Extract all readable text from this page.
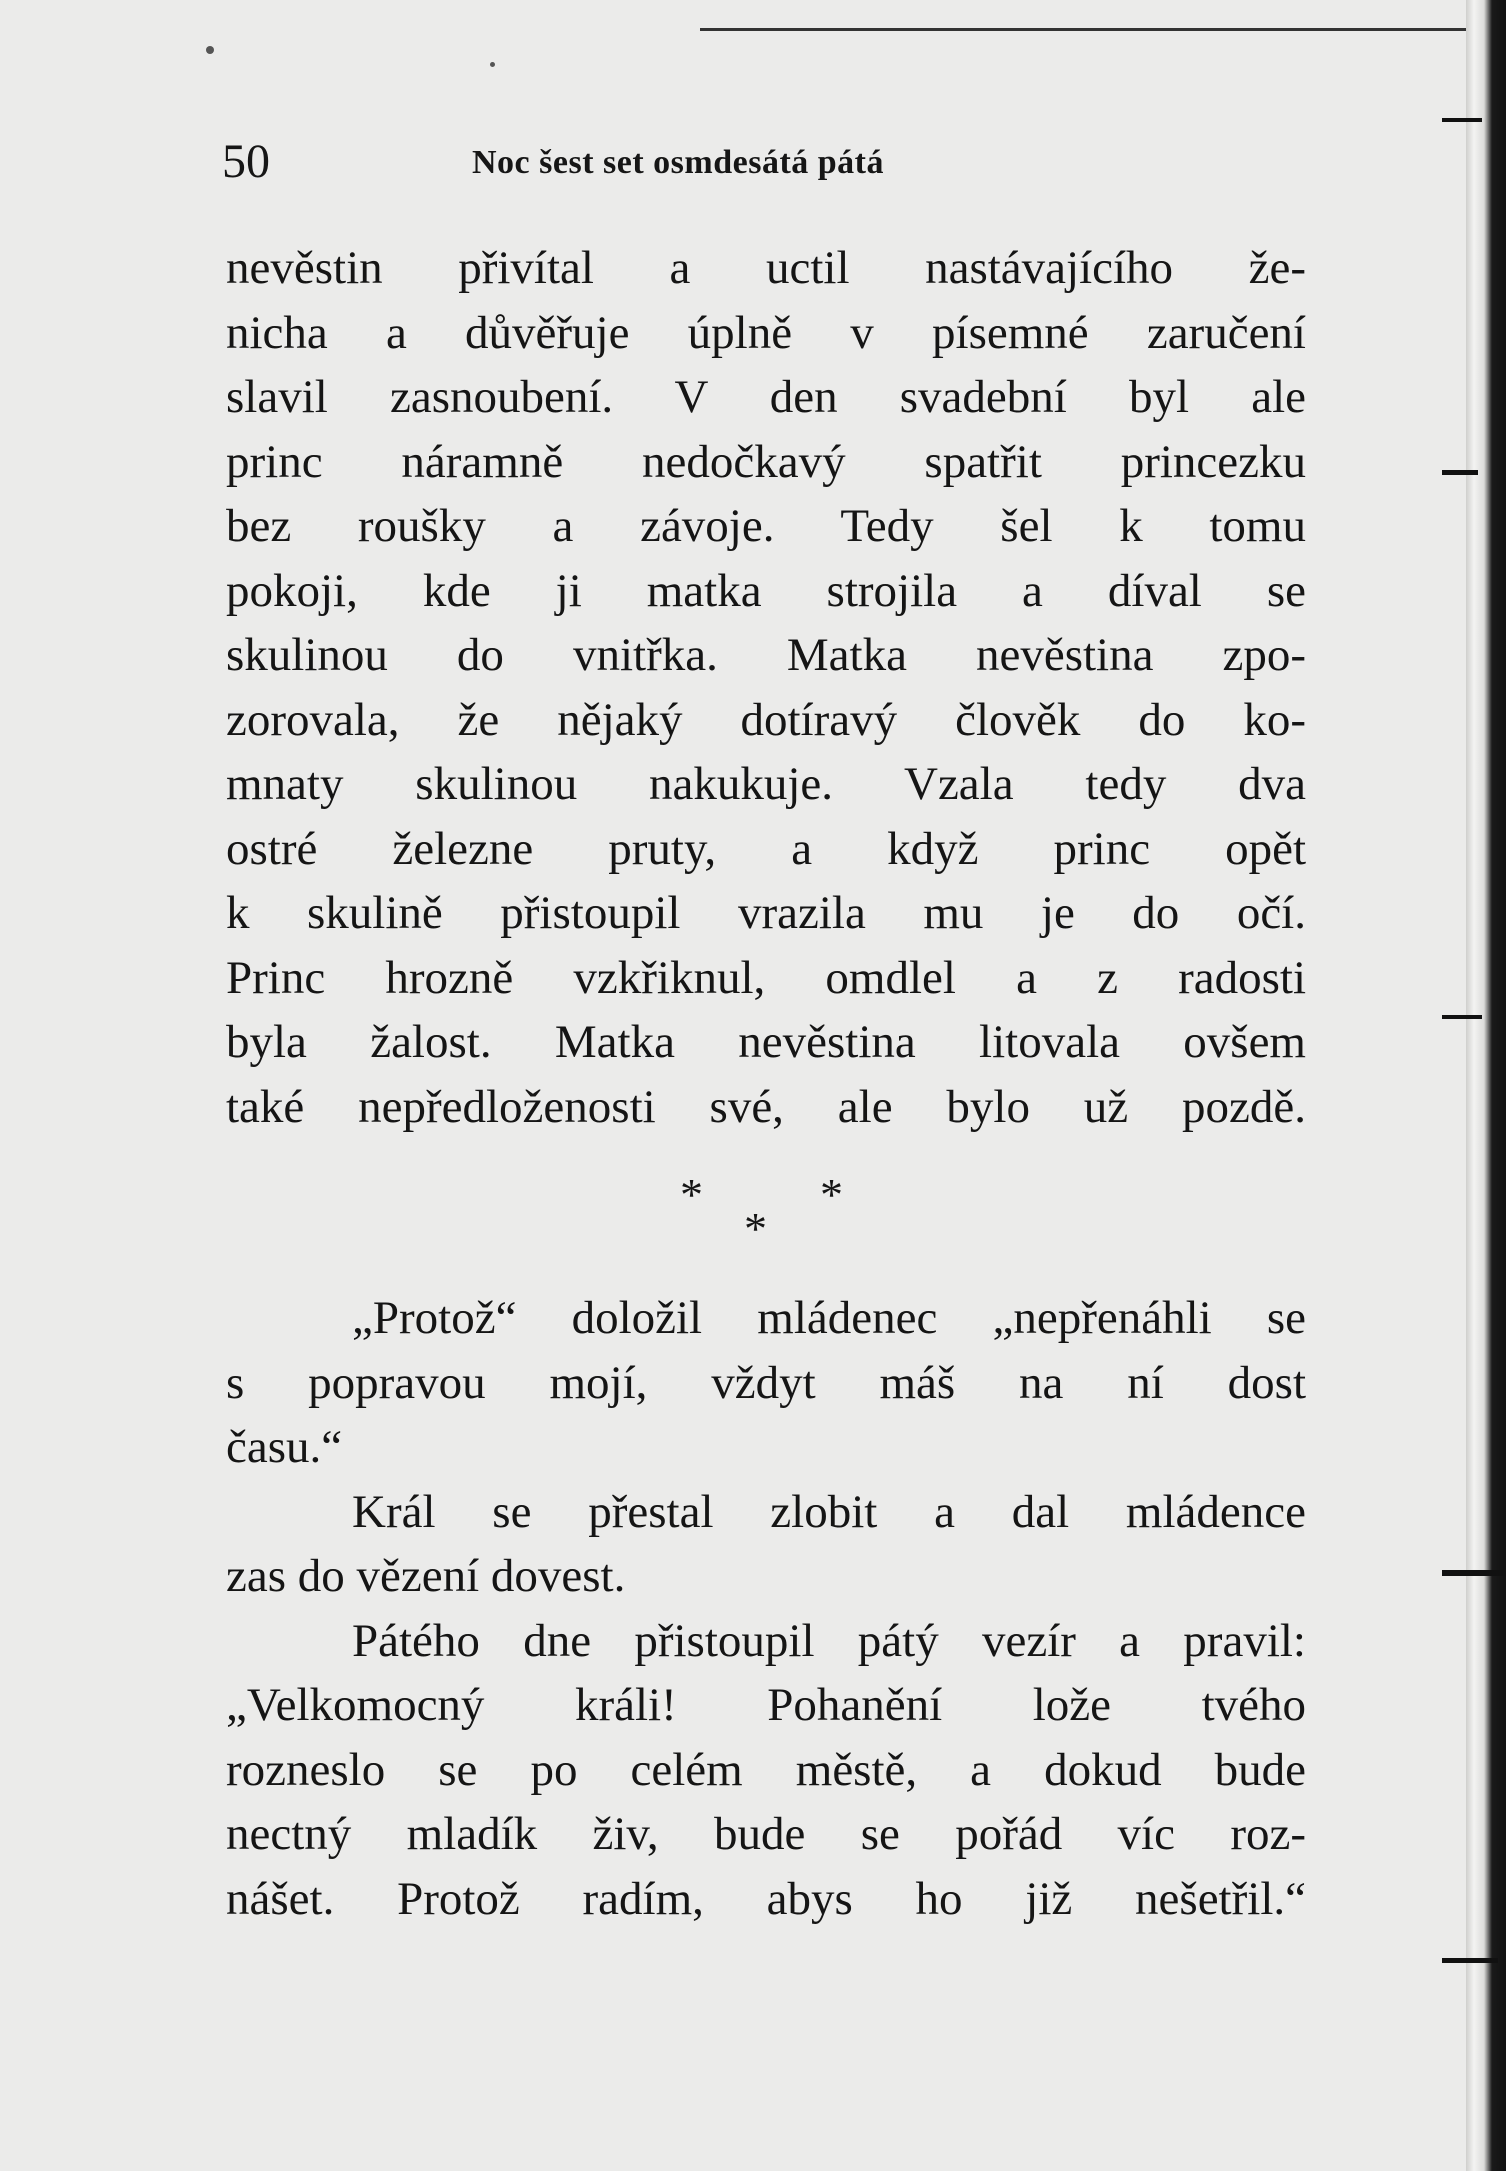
50	Noc šest set osmdesátá pátá
nevěstin přivítal a uctil nastávajícího že-
nicha a důvěřuje úplně v písemné zaručení
slavil zasnoubení. V den svadební byl ale
princ náramně nedočkavý spatřit princezku
bez roušky a závoje. Tedy šel k tomu
pokoji, kde ji matka strojila a díval se
skulinou do vnitřka. Matka nevěstina zpo-
zorovala, že nějaký dotíravý člověk do ko-
mnaty skulinou nakukuje. Vzala tedy dva
ostré železne pruty, a když princ opět
k skulině přistoupil vrazila mu je do očí.
Princ hrozně vzkřiknul, omdlel a z radosti
byla žalost. Matka nevěstina litovala ovšem
také nepředloženosti své, ale bylo už pozdě.
*
*
*
„Protož“ doložil mládenec „nepřenáhli se
s popravou mojí, vždyt máš na ní dost
času.“
Král se přestal zlobit a dal mládence
zas do vězení dovest.
Pátého dne přistoupil pátý vezír a pravil:
„Velkomocný králi! Pohanění lože tvého
rozneslo se po celém městě, a dokud bude
nectný mladík živ, bude se pořád víc roz-
nášet. Protož radím, abys ho již nešetřil.“
